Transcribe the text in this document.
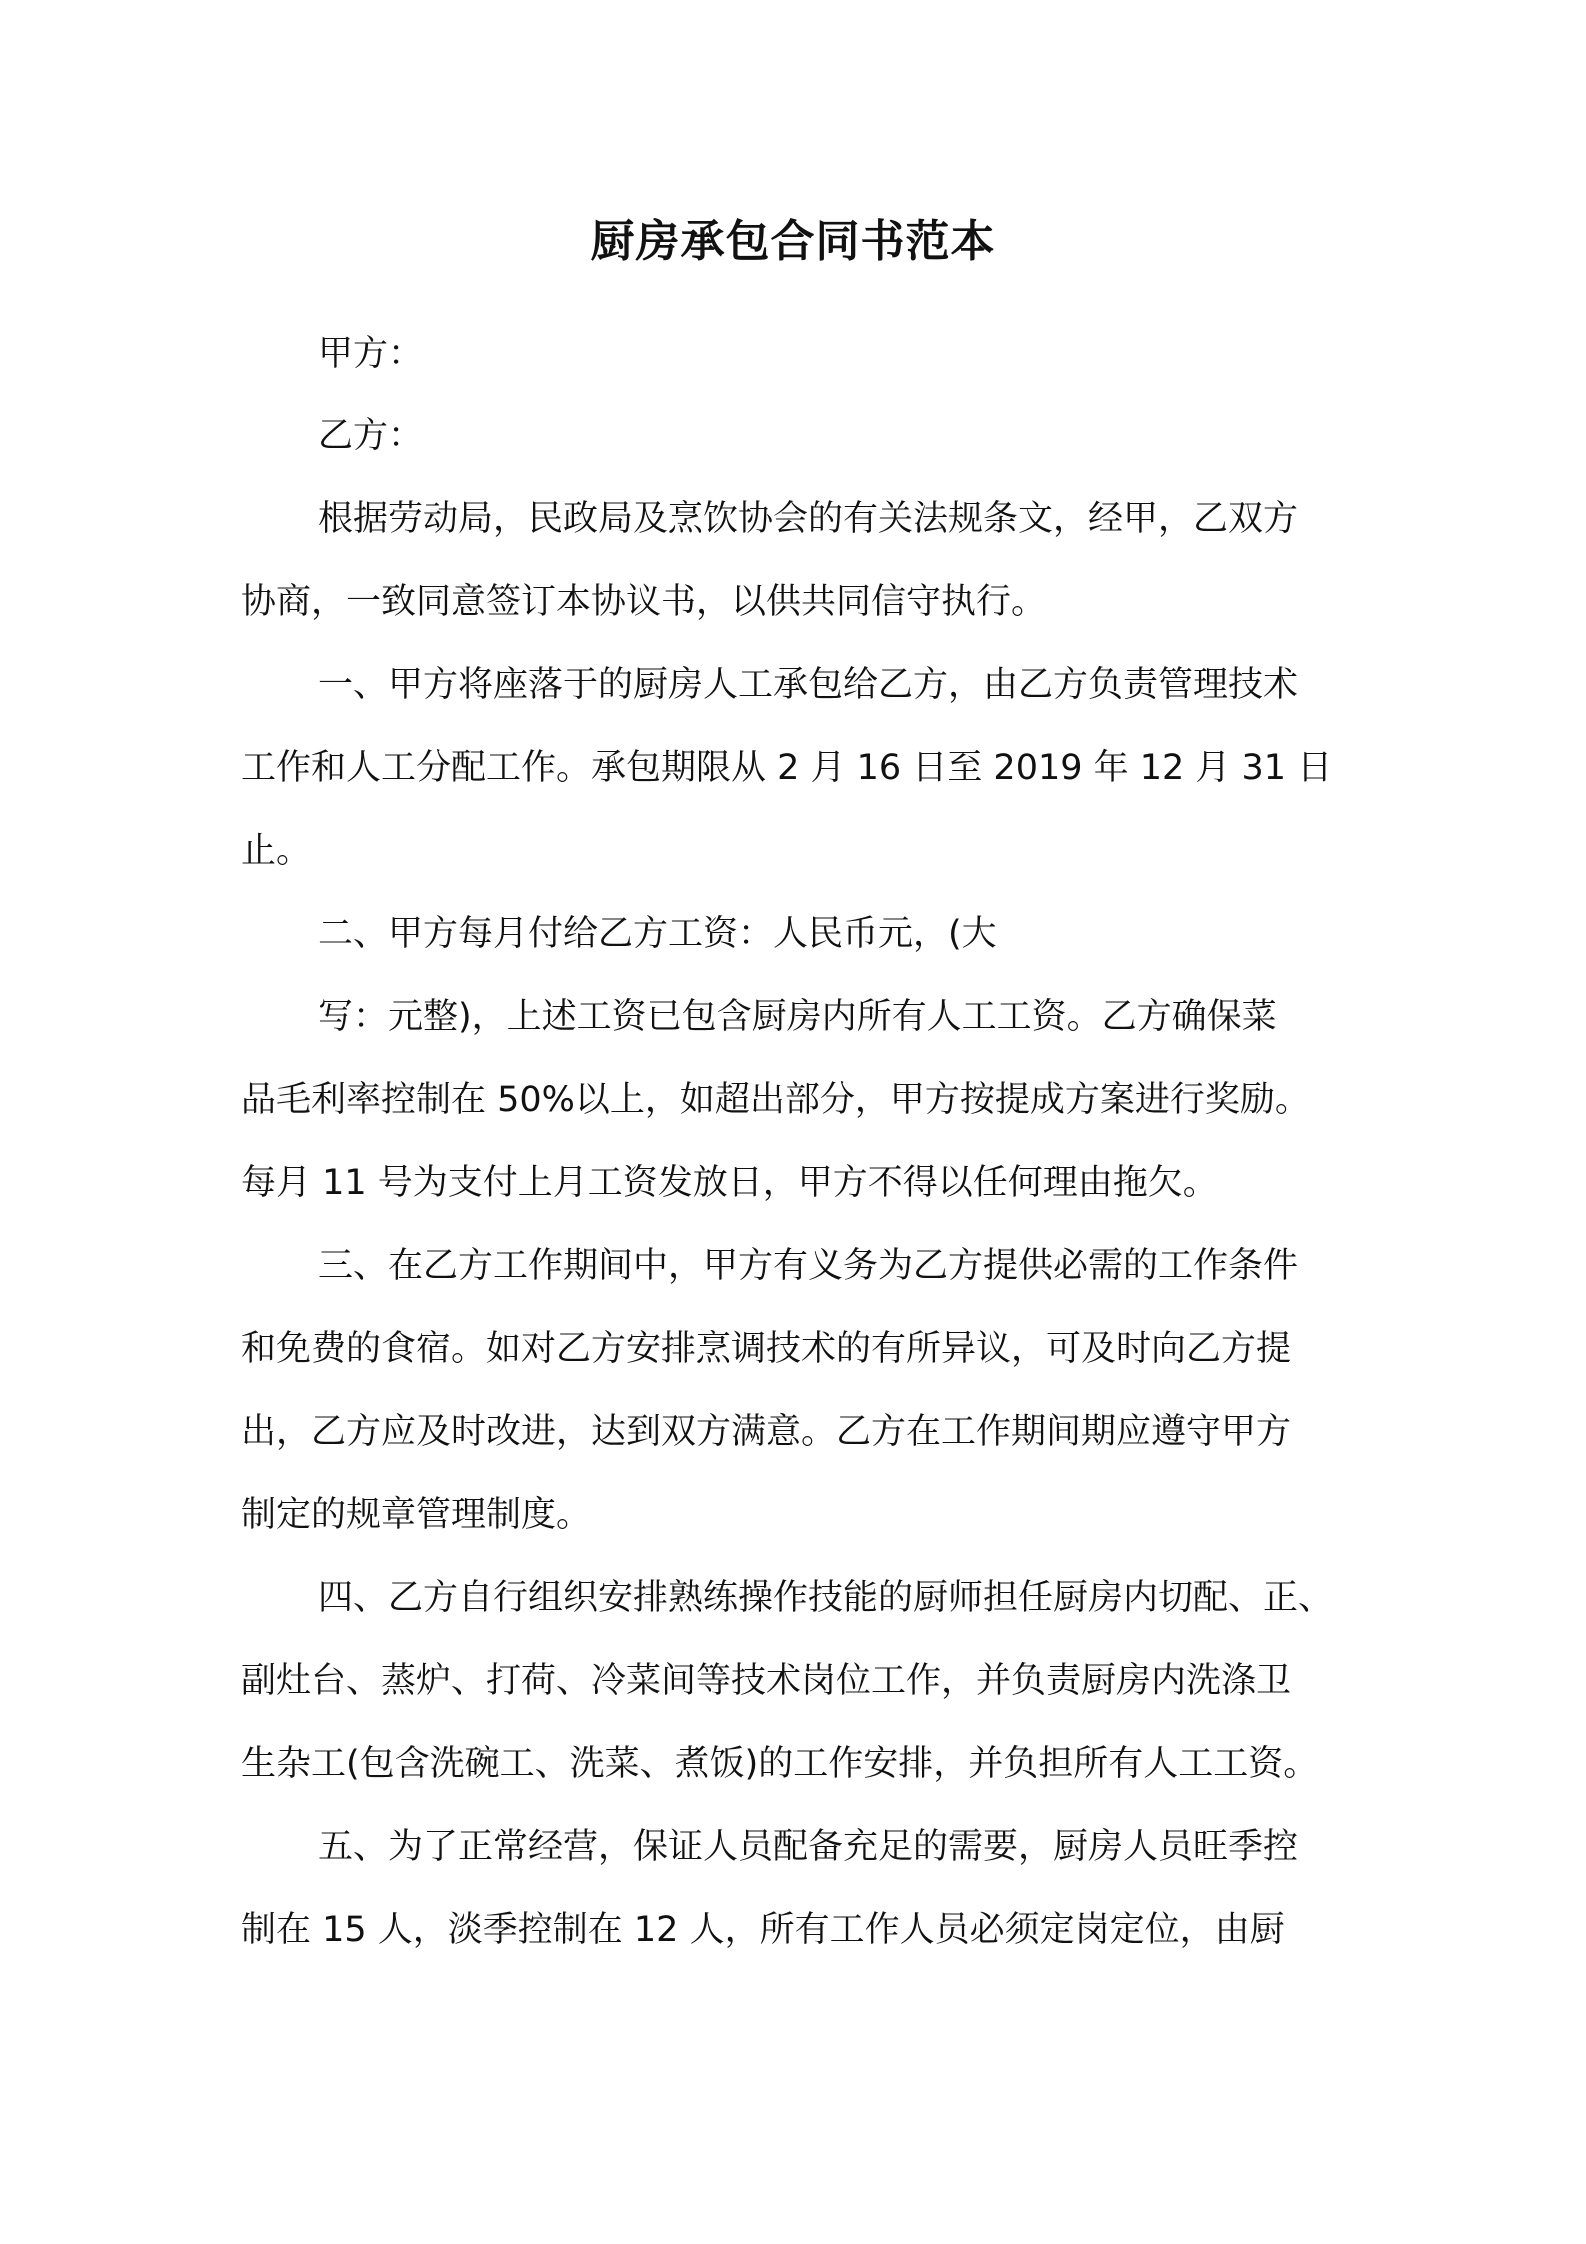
厨房承包合同书范本

甲方：

乙方：

根据劳动局，民政局及烹饮协会的有关法规条文，经甲，乙双方

协商，一致同意签订本协议书，以供共同信守执行。

一、甲方将座落于的厨房人工承包给乙方，由乙方负责管理技术

工作和人工分配工作。承包期限从 2 月 16 日至 2019 年 12 月 31 日

止。

二、甲方每月付给乙方工资：人民币元，(大

写：元整)，上述工资已包含厨房内所有人工工资。乙方确保菜

品毛利率控制在 50%以上，如超出部分，甲方按提成方案进行奖励。

每月 11 号为支付上月工资发放日，甲方不得以任何理由拖欠。

三、在乙方工作期间中，甲方有义务为乙方提供必需的工作条件

和免费的食宿。如对乙方安排烹调技术的有所异议，可及时向乙方提

出，乙方应及时改进，达到双方满意。乙方在工作期间期应遵守甲方

制定的规章管理制度。

四、乙方自行组织安排熟练操作技能的厨师担任厨房内切配、正、

副灶台、蒸炉、打荷、冷菜间等技术岗位工作，并负责厨房内洗涤卫

生杂工(包含洗碗工、洗菜、煮饭)的工作安排，并负担所有人工工资。

五、为了正常经营，保证人员配备充足的需要，厨房人员旺季控

制在 15 人，淡季控制在 12 人，所有工作人员必须定岗定位，由厨
